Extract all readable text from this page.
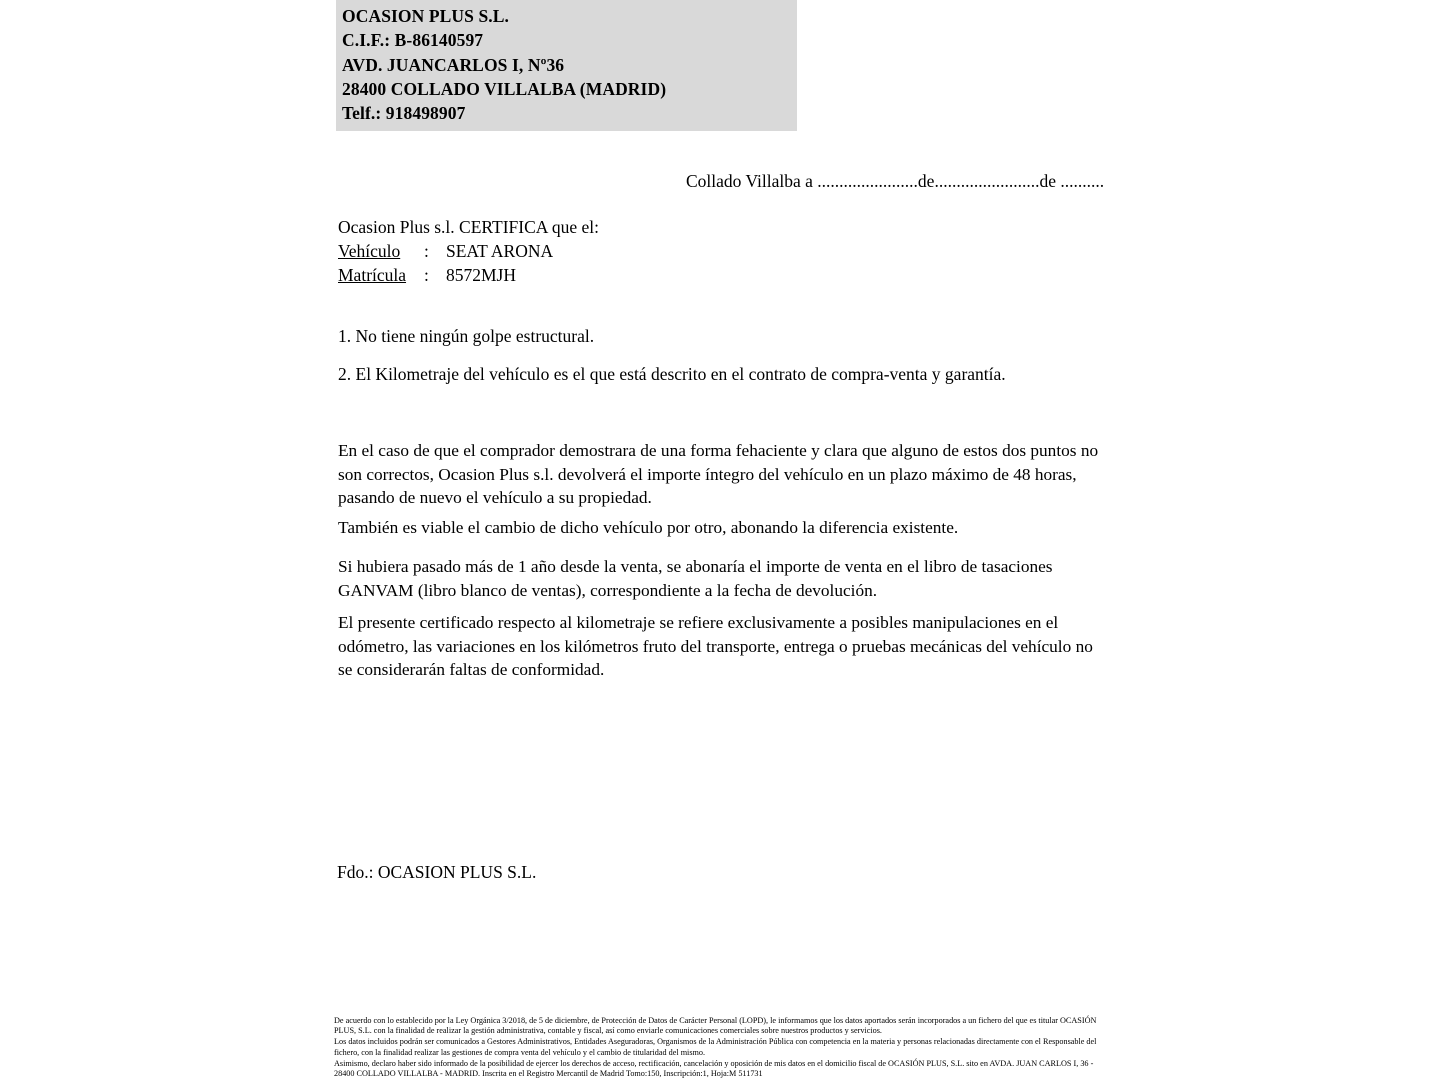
OCASION PLUS S.L.
C.I.F.: B-86140597
AVD. JUANCARLOS I, Nº36
28400 COLLADO VILLALBA (MADRID)
Telf.: 918498907
Collado Villalba a .......................de........................de ..........
Ocasion Plus s.l. CERTIFICA que el:
Vehículo	: SEAT ARONA
Matrícula	: 8572MJH
1. No tiene ningún golpe estructural.
2. El Kilometraje del vehículo es el que está descrito en el contrato de compra-venta y garantía.
En el caso de que el comprador demostrara de una forma fehaciente y clara que alguno de estos dos puntos no son correctos, Ocasion Plus s.l. devolverá el importe íntegro del vehículo en un plazo máximo de 48 horas, pasando de nuevo el vehículo a su propiedad.
También es viable el cambio de dicho vehículo por otro, abonando la diferencia existente.
Si hubiera pasado más de 1 año desde la venta, se abonaría el importe de venta en el libro de tasaciones GANVAM (libro blanco de ventas), correspondiente a la fecha de devolución.
El presente certificado respecto al kilometraje se refiere exclusivamente a posibles manipulaciones en el odómetro, las variaciones en los kilómetros fruto del transporte, entrega o pruebas mecánicas del vehículo no se considerarán faltas de conformidad.
Fdo.: OCASION PLUS S.L.

De acuerdo con lo establecido por la Ley Orgánica 3/2018, de 5 de diciembre, de Protección de Datos de Carácter Personal (LOPD), le informamos que los datos aportados serán incorporados a un fichero del que es titular OCASIÓN PLUS, S.L. con la finalidad de realizar la gestión administrativa, contable y fiscal, así como enviarle comunicaciones comerciales sobre nuestros productos y servicios.

Los datos incluidos podrán ser comunicados a Gestores Administrativos, Entidades Aseguradoras, Organismos de la Administración Pública con competencia en la materia y personas relacionadas directamente con el Responsable del fichero, con la finalidad realizar las gestiones de compra venta del vehículo y el cambio de titularidad del mismo.

Asimismo, declaro haber sido informado de la posibilidad de ejercer los derechos de acceso, rectificación, cancelación y oposición de mis datos en el domicilio fiscal de OCASIÓN PLUS, S.L. sito en AVDA. JUAN CARLOS I, 36 - 28400 COLLADO VILLALBA - MADRID. Inscrita en el Registro Mercantil de Madrid Tomo:150, Inscripción:1, Hoja:M 511731
